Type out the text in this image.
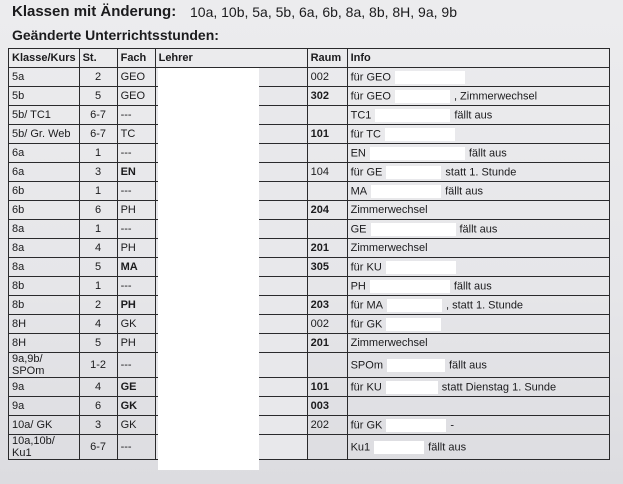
Klassen mit Änderung: 10a, 10b, 5a, 5b, 6a, 6b, 8a, 8b, 8H, 9a, 9b
Geänderte Unterrichtsstunden:
Klasse/Kurs	St.	Fach	Lehrer	Raum	Info
5a	2	GEO		002	für GEO
5b	5	GEO		302	für GEO , Zimmerwechsel
5b/ TC1	6-7	---			TC1 fällt aus
5b/ Gr. Web	6-7	TC		101	für TC
6a	1	---			EN fällt aus
6a	3	EN		104	für GE statt 1. Stunde
6b	1	---			MA fällt aus
6b	6	PH		204	Zimmerwechsel
8a	1	---			GE fällt aus
8a	4	PH		201	Zimmerwechsel
8a	5	MA		305	für KU
8b	1	---			PH fällt aus
8b	2	PH		203	für MA , statt 1. Stunde
8H	4	GK		002	für GK
8H	5	PH		201	Zimmerwechsel
9a,9b/ SPOm	1-2	---			SPOm fällt aus
9a	4	GE		101	für KU statt Dienstag 1. Sunde
9a	6	GK		003	
10a/ GK	3	GK		202	für GK -
10a,10b/ Ku1	6-7	---			Ku1 fällt aus
